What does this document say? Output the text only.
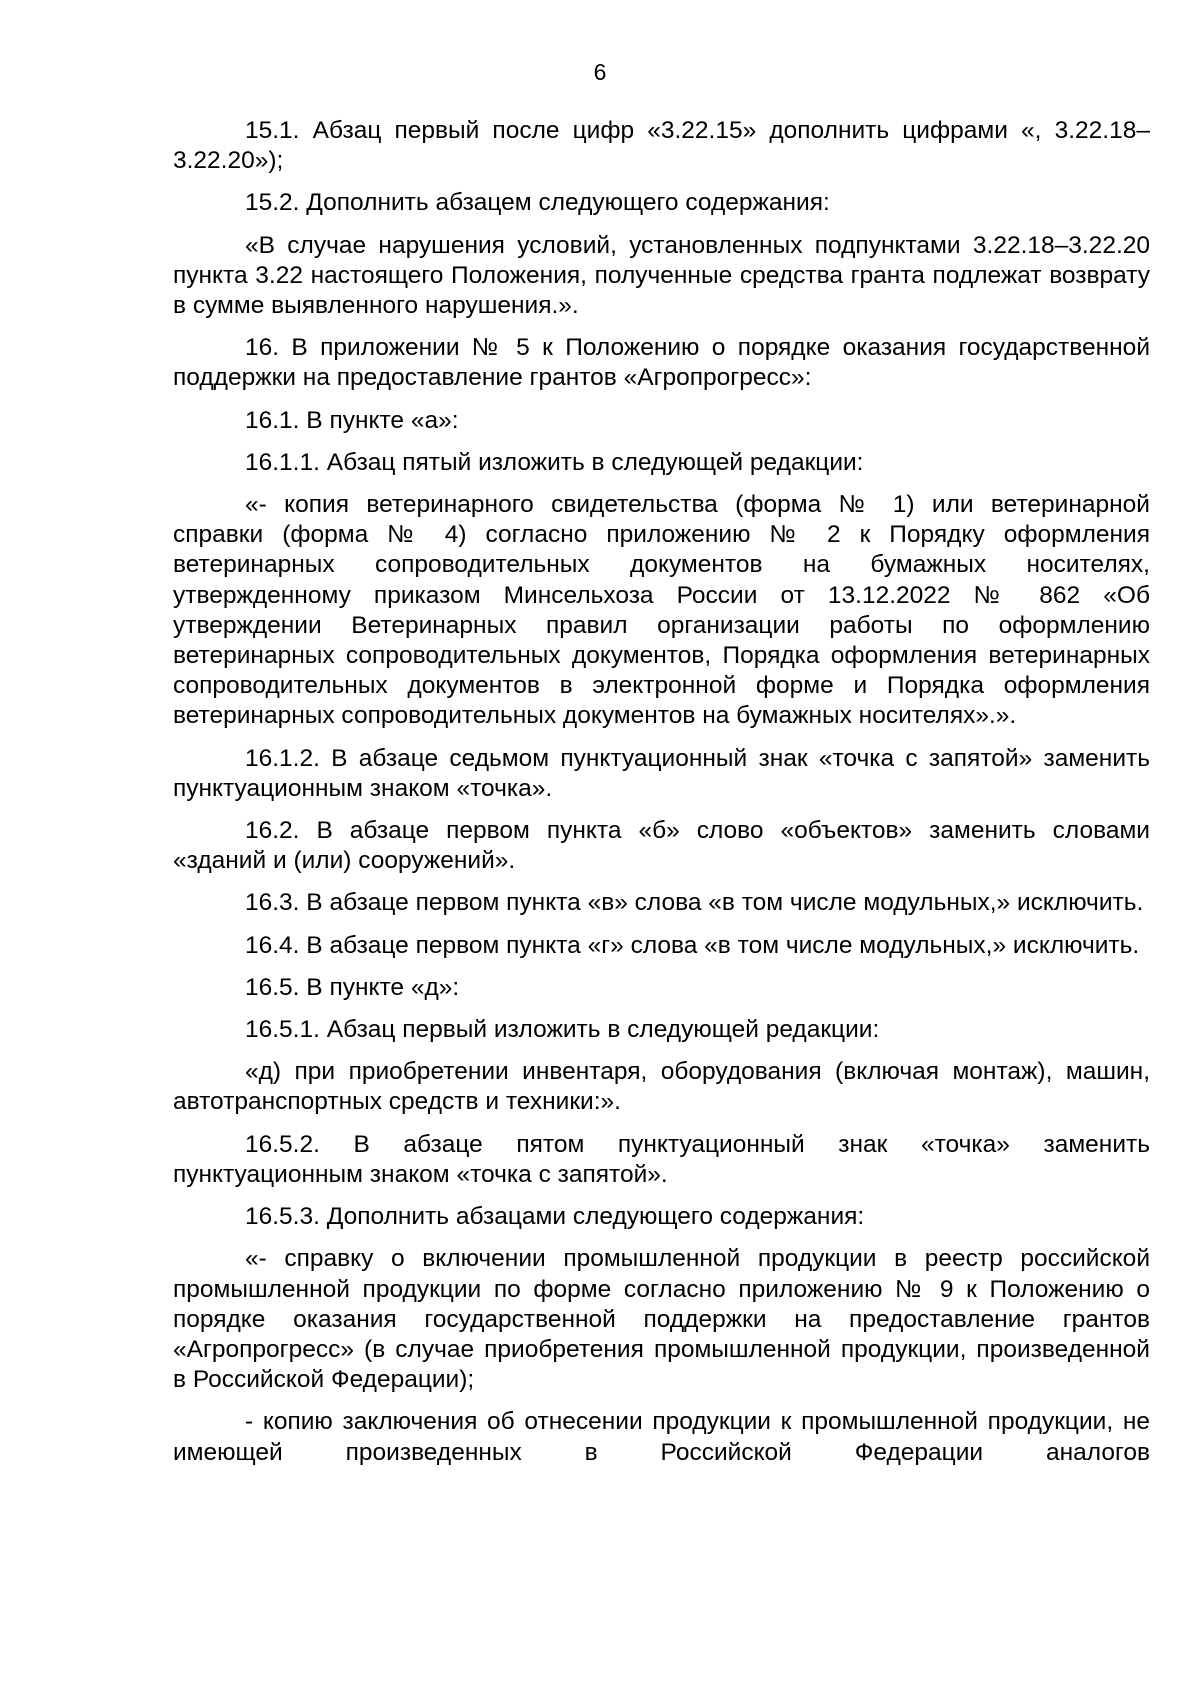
6

15.1. Абзац первый после цифр «3.22.15» дополнить цифрами «, 3.22.18–3.22.20»);

15.2. Дополнить абзацем следующего содержания:

«В случае нарушения условий, установленных подпунктами 3.22.18–3.22.20 пункта 3.22 настоящего Положения, полученные средства гранта подлежат возврату в сумме выявленного нарушения.».

16. В приложении № 5 к Положению о порядке оказания государственной поддержки на предоставление грантов «Агропрогресс»:

16.1. В пункте «а»:

16.1.1. Абзац пятый изложить в следующей редакции:

«- копия ветеринарного свидетельства (форма № 1) или ветеринарной справки (форма № 4) согласно приложению № 2 к Порядку оформления ветеринарных сопроводительных документов на бумажных носителях, утвержденному приказом Минсельхоза России от 13.12.2022 № 862 «Об утверждении Ветеринарных правил организации работы по оформлению ветеринарных сопроводительных документов, Порядка оформления ветеринарных сопроводительных документов в электронной форме и Порядка оформления ветеринарных сопроводительных документов на бумажных носителях».».

16.1.2. В абзаце седьмом пунктуационный знак «точка с запятой» заменить пунктуационным знаком «точка».

16.2. В абзаце первом пункта «б» слово «объектов» заменить словами «зданий и (или) сооружений».

16.3. В абзаце первом пункта «в» слова «в том числе модульных,» исключить.

16.4. В абзаце первом пункта «г» слова «в том числе модульных,» исключить.

16.5. В пункте «д»:

16.5.1. Абзац первый изложить в следующей редакции:

«д) при приобретении инвентаря, оборудования (включая монтаж), машин, автотранспортных средств и техники:».

16.5.2. В абзаце пятом пунктуационный знак «точка» заменить пунктуационным знаком «точка с запятой».

16.5.3. Дополнить абзацами следующего содержания:

«- справку о включении промышленной продукции в реестр российской промышленной продукции по форме согласно приложению № 9 к Положению о порядке оказания государственной поддержки на предоставление грантов «Агропрогресс» (в случае приобретения промышленной продукции, произведенной в Российской Федерации);

- копию заключения об отнесении продукции к промышленной продукции, не имеющей произведенных в Российской Федерации аналогов
